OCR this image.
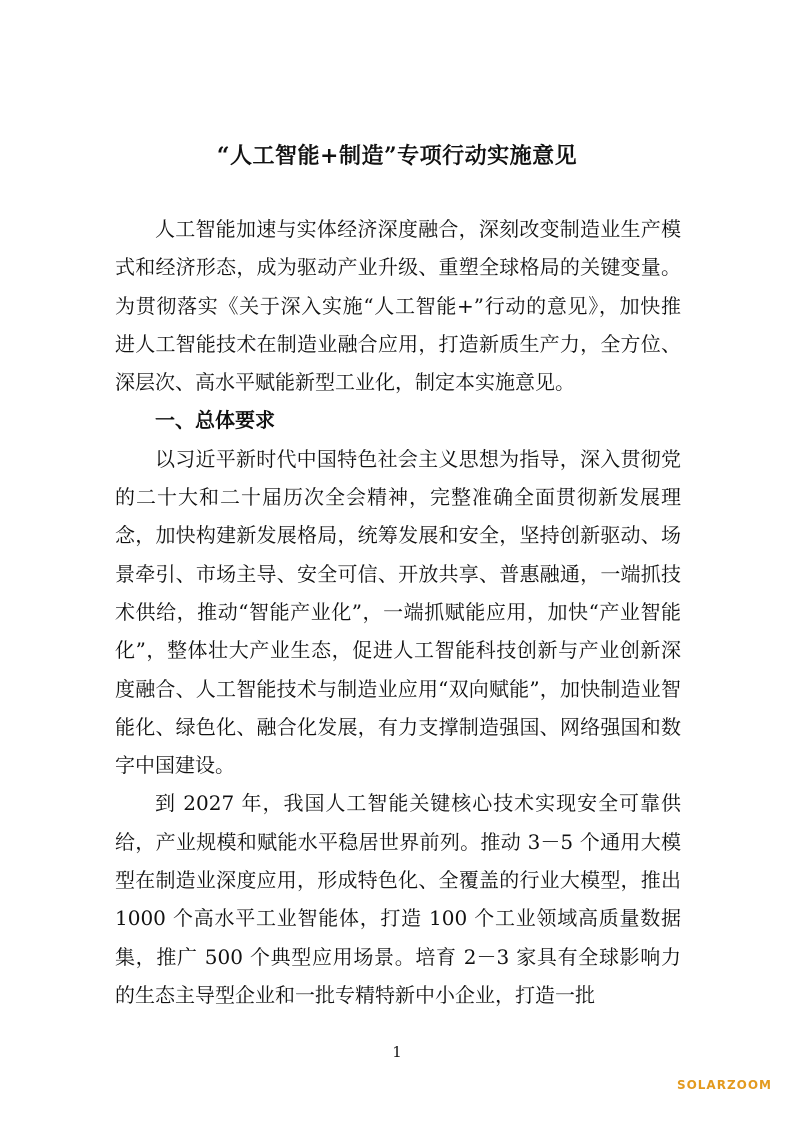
“人工智能+制造”专项行动实施意见

人工智能加速与实体经济深度融合，深刻改变制造业生产模式和经济形态，成为驱动产业升级、重塑全球格局的关键变量。为贯彻落实《关于深入实施“人工智能+”行动的意见》，加快推进人工智能技术在制造业融合应用，打造新质生产力，全方位、深层次、高水平赋能新型工业化，制定本实施意见。

一、总体要求

以习近平新时代中国特色社会主义思想为指导，深入贯彻党的二十大和二十届历次全会精神，完整准确全面贯彻新发展理念，加快构建新发展格局，统筹发展和安全，坚持创新驱动、场景牵引、市场主导、安全可信、开放共享、普惠融通，一端抓技术供给，推动“智能产业化”，一端抓赋能应用，加快“产业智能化”，整体壮大产业生态，促进人工智能科技创新与产业创新深度融合、人工智能技术与制造业应用“双向赋能”，加快制造业智能化、绿色化、融合化发展，有力支撑制造强国、网络强国和数字中国建设。

到 2027 年，我国人工智能关键核心技术实现安全可靠供给，产业规模和赋能水平稳居世界前列。推动 3－5 个通用大模型在制造业深度应用，形成特色化、全覆盖的行业大模型，推出 1000 个高水平工业智能体，打造 100 个工业领域高质量数据集，推广 500 个典型应用场景。培育 2－3 家具有全球影响力的生态主导型企业和一批专精特新中小企业，打造一批

1
SOLARZOOM
